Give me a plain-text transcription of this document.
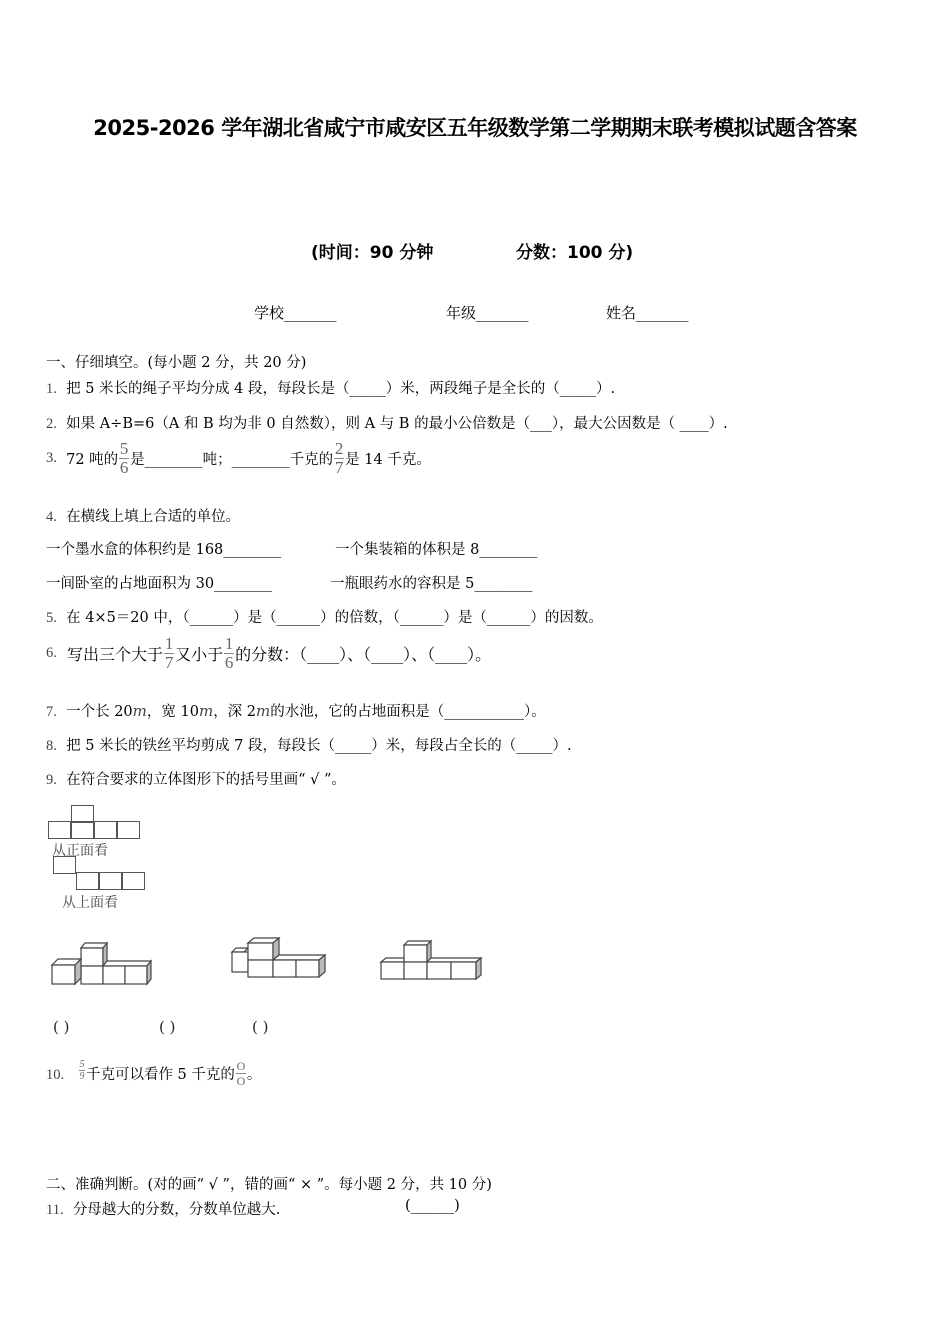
2025-2026 学年湖北省咸宁市咸安区五年级数学第二学期期末联考模拟试题含答案
(时间：90 分钟	分数：100 分)
学校_______	年级_______	姓名_______
一、仔细填空。(每小题 2 分，共 20 分)
1. 把 5 米长的绳子平均分成 4 段，每段长是（_____）米，两段绳子是全长的（_____）.
2. 如果 A÷B=6（A 和 B 均为非 0 自然数），则 A 与 B 的最小公倍数是（___），最大公因数是（ ____）.
3.
72 吨的 $\frac{5}{6}$ 是________吨；________千克的 $\frac{2}{7}$ 是 14 千克。
4. 在横线上填上合适的单位。
一个墨水盒的体积约是 168________	一个集装箱的体积是 8________
一间卧室的占地面积为 30________	一瓶眼药水的容积是 5________
5. 在 4×5＝20 中，（______）是（______）的倍数，（______）是（______）的因数。
6.
写出三个大于 $\frac{1}{7}$ 又小于 $\frac{1}{6}$ 的分数：（____）、（____）、（____）。
7. 一个长 20m，宽 10m，深 2m的水池，它的占地面积是（___________）。
8. 把 5 米长的铁丝平均剪成 7 段，每段长（_____）米，每段占全长的（_____）.
9. 在符合要求的立体图形下的括号里画“ √ ”。
从正面看
从上面看
( )	( )	( )
10.
$\frac{5}{9}$ 千克可以看作 5 千克的 $\frac{O}{O}$ 。
二、准确判断。(对的画“ √ ”，错的画“ × ”。每小题 2 分，共 10 分)
11. 分母越大的分数，分数单位越大.	(______)
